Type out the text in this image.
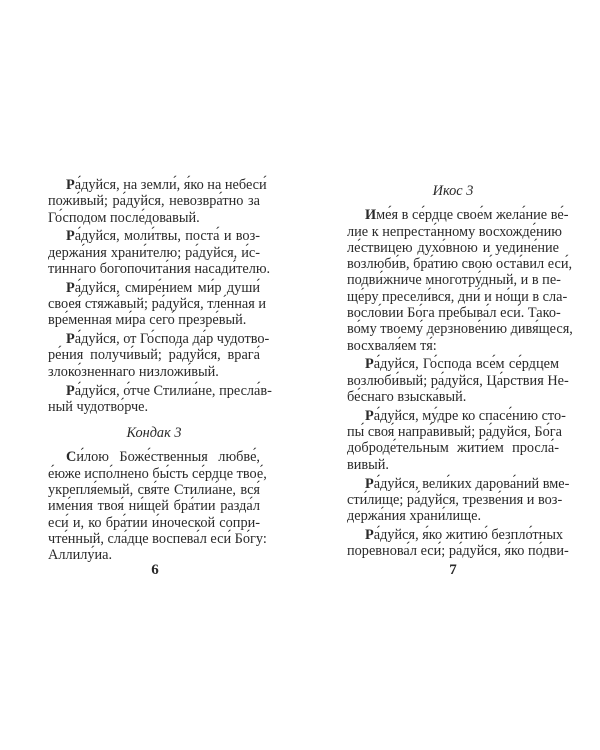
Ра́дуйся, на земли́, я́ко на небеси́
пожи́вый; ра́дуйся, невозвра́тно за
Го́сподом после́довавый.
Ра́дуйся, моли́твы, поста́ и воз-
держа́ния храни́телю; ра́дуйся, и́с-
тиннаго богопочита́ния насади́телю.
Ра́дуйся, смире́нием ми́р души́
своея́ стяжа́вый; ра́дуйся, тле́нная и
вре́менная ми́ра сего́ презре́вый.
Ра́дуйся, от Го́спода да́р чудотво-
ре́ния получи́вый; ра́дуйся, врага́
злоко́зненнаго низложи́вый.
Ра́дуйся, о́тче Стилиа́не, пресла́в-
ный чудотво́рче.
Кондак 3
Си́лою Боже́ственныя любве́,
е́юже испо́лнено бы́сть се́рдце твое́,
укрепля́емый, свя́те Стилиа́не, вся́
име́ния твоя́ ни́щей бра́тии разда́л
еси́ и, ко бра́тии и́ноческой сопри-
чте́нный, сла́дце воспева́л еси́ Бо́гу:
Аллилу́иа.
Икос 3
Име́я в се́рдце свое́м жела́ние ве́-
лие к непреста́нному восхожде́нию
ле́ствицею духо́вною и уедине́ние
возлюби́в, бра́тию свою́ оста́вил еси́,
подви́жниче многотру́дный, и в пе-
ще́ру пресели́вся, дни́ и но́щи в сла-
вoсло́вии Бо́га пребыва́л еси́. Тако-
во́му твоему́ дерзнове́нию дивя́щеся,
восхваля́ем тя́:
Ра́дуйся, Го́спода все́м се́рдцем
возлюби́вый; ра́дуйся, Ца́рствия Не-
бе́снаго взыска́вый.
Ра́дуйся, му́дре ко спасе́нию сто-
пы́ своя́ напра́вивый; ра́дуйся, Бо́га
доброде́тельным жити́ем просла́-
вивый.
Ра́дуйся, вели́ких дарова́ний вме-
сти́лище; ра́дуйся, трезве́ния и воз-
держа́ния храни́лище.
Ра́дуйся, я́ко житию́ безпло́тных
поревнова́л еси́; ра́дуйся, я́ко по́дви-
6	7
